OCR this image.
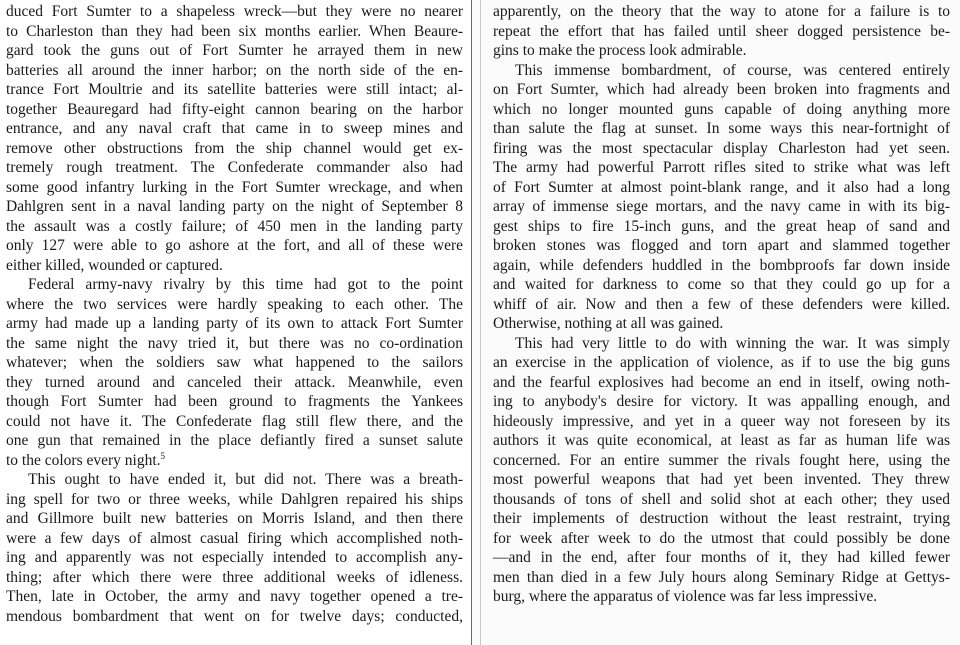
duced Fort Sumter to a shapeless wreck—but they were no nearer
to Charleston than they had been six months earlier. When Beaure-
gard took the guns out of Fort Sumter he arrayed them in new
batteries all around the inner harbor; on the north side of the en-
trance Fort Moultrie and its satellite batteries were still intact; al-
together Beauregard had fifty-eight cannon bearing on the harbor
entrance, and any naval craft that came in to sweep mines and
remove other obstructions from the ship channel would get ex-
tremely rough treatment. The Confederate commander also had
some good infantry lurking in the Fort Sumter wreckage, and when
Dahlgren sent in a naval landing party on the night of September 8
the assault was a costly failure; of 450 men in the landing party
only 127 were able to go ashore at the fort, and all of these were
either killed, wounded or captured.
Federal army-navy rivalry by this time had got to the point
where the two services were hardly speaking to each other. The
army had made up a landing party of its own to attack Fort Sumter
the same night the navy tried it, but there was no co-ordination
whatever; when the soldiers saw what happened to the sailors
they turned around and canceled their attack. Meanwhile, even
though Fort Sumter had been ground to fragments the Yankees
could not have it. The Confederate flag still flew there, and the
one gun that remained in the place defiantly fired a sunset salute
to the colors every night.$^5$
This ought to have ended it, but did not. There was a breath-
ing spell for two or three weeks, while Dahlgren repaired his ships
and Gillmore built new batteries on Morris Island, and then there
were a few days of almost casual firing which accomplished noth-
ing and apparently was not especially intended to accomplish any-
thing; after which there were three additional weeks of idleness.
Then, late in October, the army and navy together opened a tre-
mendous bombardment that went on for twelve days; conducted,
apparently, on the theory that the way to atone for a failure is to
repeat the effort that has failed until sheer dogged persistence be-
gins to make the process look admirable.
This immense bombardment, of course, was centered entirely
on Fort Sumter, which had already been broken into fragments and
which no longer mounted guns capable of doing anything more
than salute the flag at sunset. In some ways this near-fortnight of
firing was the most spectacular display Charleston had yet seen.
The army had powerful Parrott rifles sited to strike what was left
of Fort Sumter at almost point-blank range, and it also had a long
array of immense siege mortars, and the navy came in with its big-
gest ships to fire 15-inch guns, and the great heap of sand and
broken stones was flogged and torn apart and slammed together
again, while defenders huddled in the bombproofs far down inside
and waited for darkness to come so that they could go up for a
whiff of air. Now and then a few of these defenders were killed.
Otherwise, nothing at all was gained.
This had very little to do with winning the war. It was simply
an exercise in the application of violence, as if to use the big guns
and the fearful explosives had become an end in itself, owing noth-
ing to anybody's desire for victory. It was appalling enough, and
hideously impressive, and yet in a queer way not foreseen by its
authors it was quite economical, at least as far as human life was
concerned. For an entire summer the rivals fought here, using the
most powerful weapons that had yet been invented. They threw
thousands of tons of shell and solid shot at each other; they used
their implements of destruction without the least restraint, trying
for week after week to do the utmost that could possibly be done
—and in the end, after four months of it, they had killed fewer
men than died in a few July hours along Seminary Ridge at Gettys-
burg, where the apparatus of violence was far less impressive.
